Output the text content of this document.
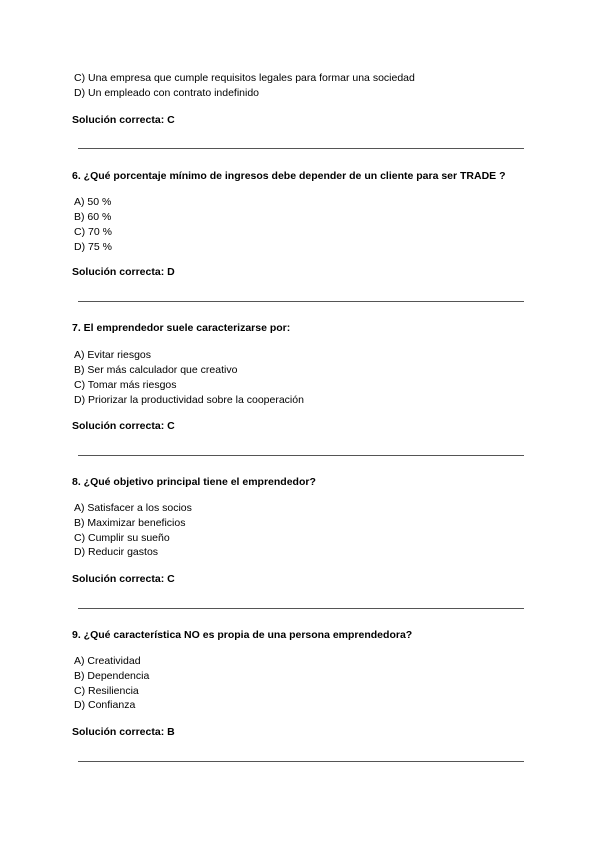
C) Una empresa que cumple requisitos legales para formar una sociedad
D) Un empleado con contrato indefinido
Solución correcta: C
6. ¿Qué porcentaje mínimo de ingresos debe depender de un cliente para ser TRADE ?
A) 50 %
B) 60 %
C) 70 %
D) 75 %
Solución correcta: D
7. El emprendedor suele caracterizarse por:
A) Evitar riesgos
B) Ser más calculador que creativo
C) Tomar más riesgos
D) Priorizar la productividad sobre la cooperación
Solución correcta: C
8. ¿Qué objetivo principal tiene el emprendedor?
A) Satisfacer a los socios
B) Maximizar beneficios
C) Cumplir su sueño
D) Reducir gastos
Solución correcta: C
9. ¿Qué característica NO es propia de una persona emprendedora?
A) Creatividad
B) Dependencia
C) Resiliencia
D) Confianza
Solución correcta: B
